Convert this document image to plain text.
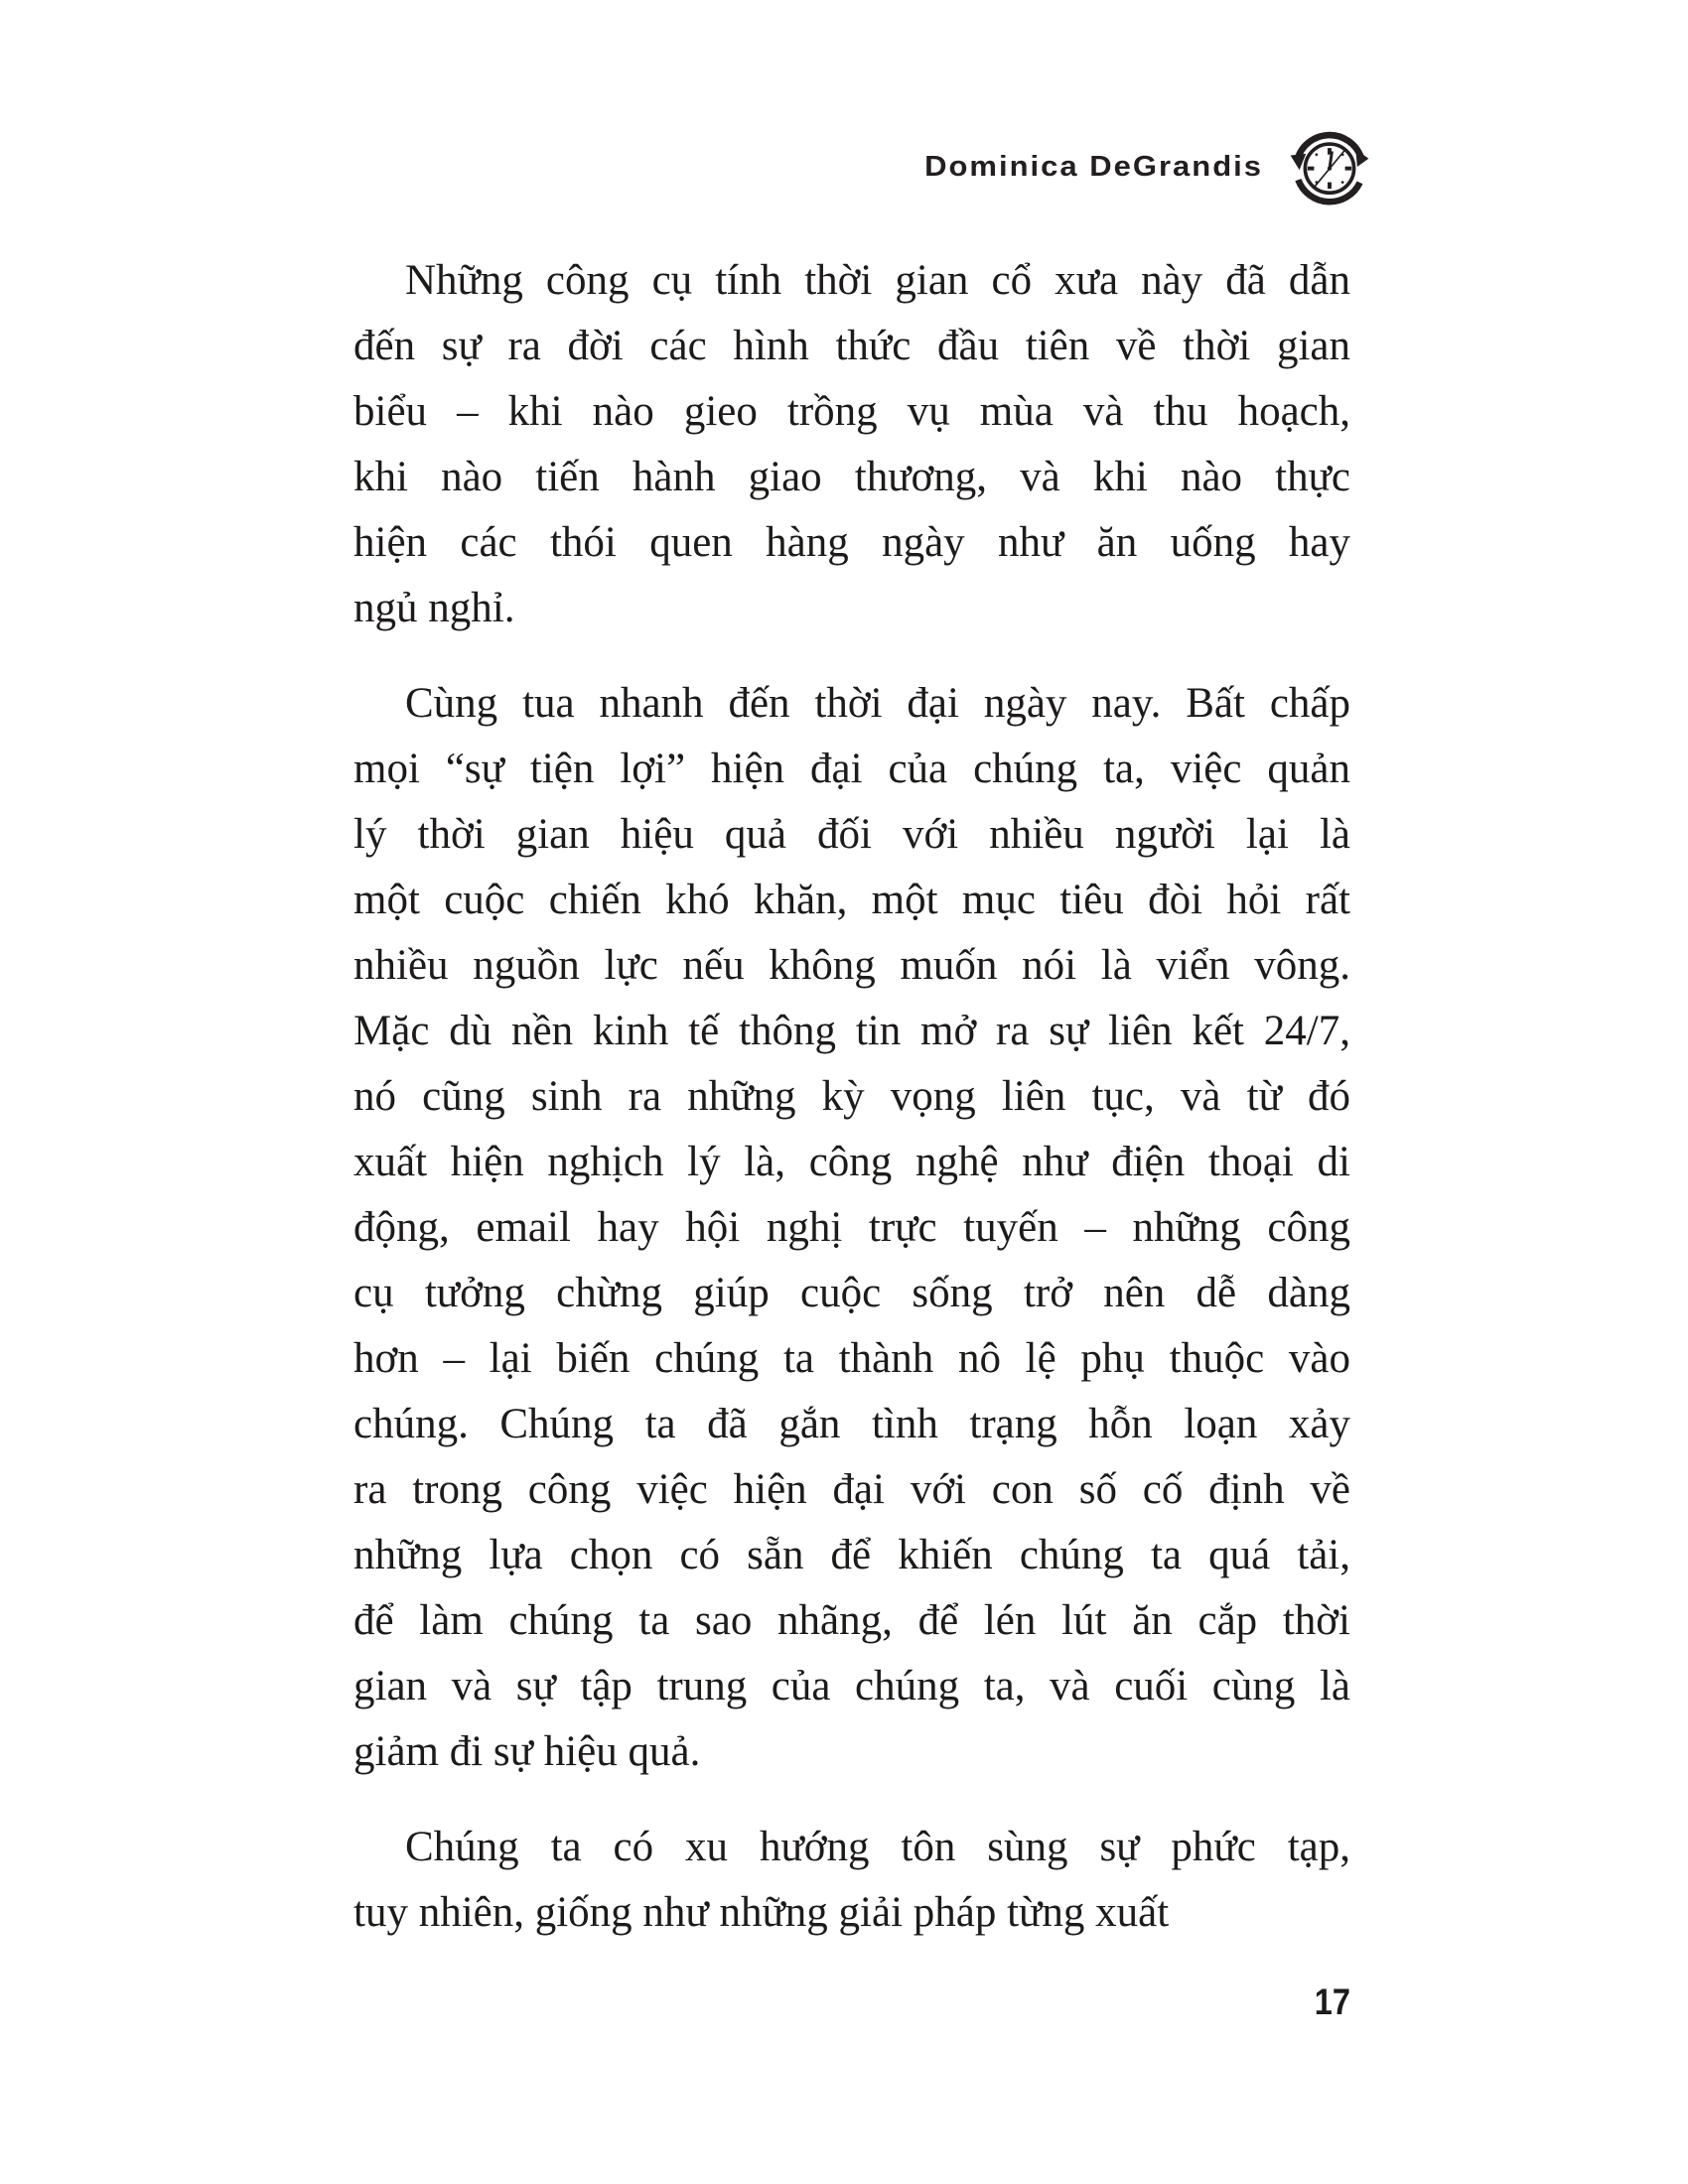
Dominica DeGrandis
Những công cụ tính thời gian cổ xưa này đã dẫn
đến sự ra đời các hình thức đầu tiên về thời gian
biểu – khi nào gieo trồng vụ mùa và thu hoạch,
khi nào tiến hành giao thương, và khi nào thực
hiện các thói quen hàng ngày như ăn uống hay
ngủ nghỉ.
Cùng tua nhanh đến thời đại ngày nay. Bất chấp
mọi “sự tiện lợi” hiện đại của chúng ta, việc quản
lý thời gian hiệu quả đối với nhiều người lại là
một cuộc chiến khó khăn, một mục tiêu đòi hỏi rất
nhiều nguồn lực nếu không muốn nói là viển vông.
Mặc dù nền kinh tế thông tin mở ra sự liên kết 24/7,
nó cũng sinh ra những kỳ vọng liên tục, và từ đó
xuất hiện nghịch lý là, công nghệ như điện thoại di
động, email hay hội nghị trực tuyến – những công
cụ tưởng chừng giúp cuộc sống trở nên dễ dàng
hơn – lại biến chúng ta thành nô lệ phụ thuộc vào
chúng. Chúng ta đã gắn tình trạng hỗn loạn xảy
ra trong công việc hiện đại với con số cố định về
những lựa chọn có sẵn để khiến chúng ta quá tải,
để làm chúng ta sao nhãng, để lén lút ăn cắp thời
gian và sự tập trung của chúng ta, và cuối cùng là
giảm đi sự hiệu quả.
Chúng ta có xu hướng tôn sùng sự phức tạp,
tuy nhiên, giống như những giải pháp từng xuất
17
